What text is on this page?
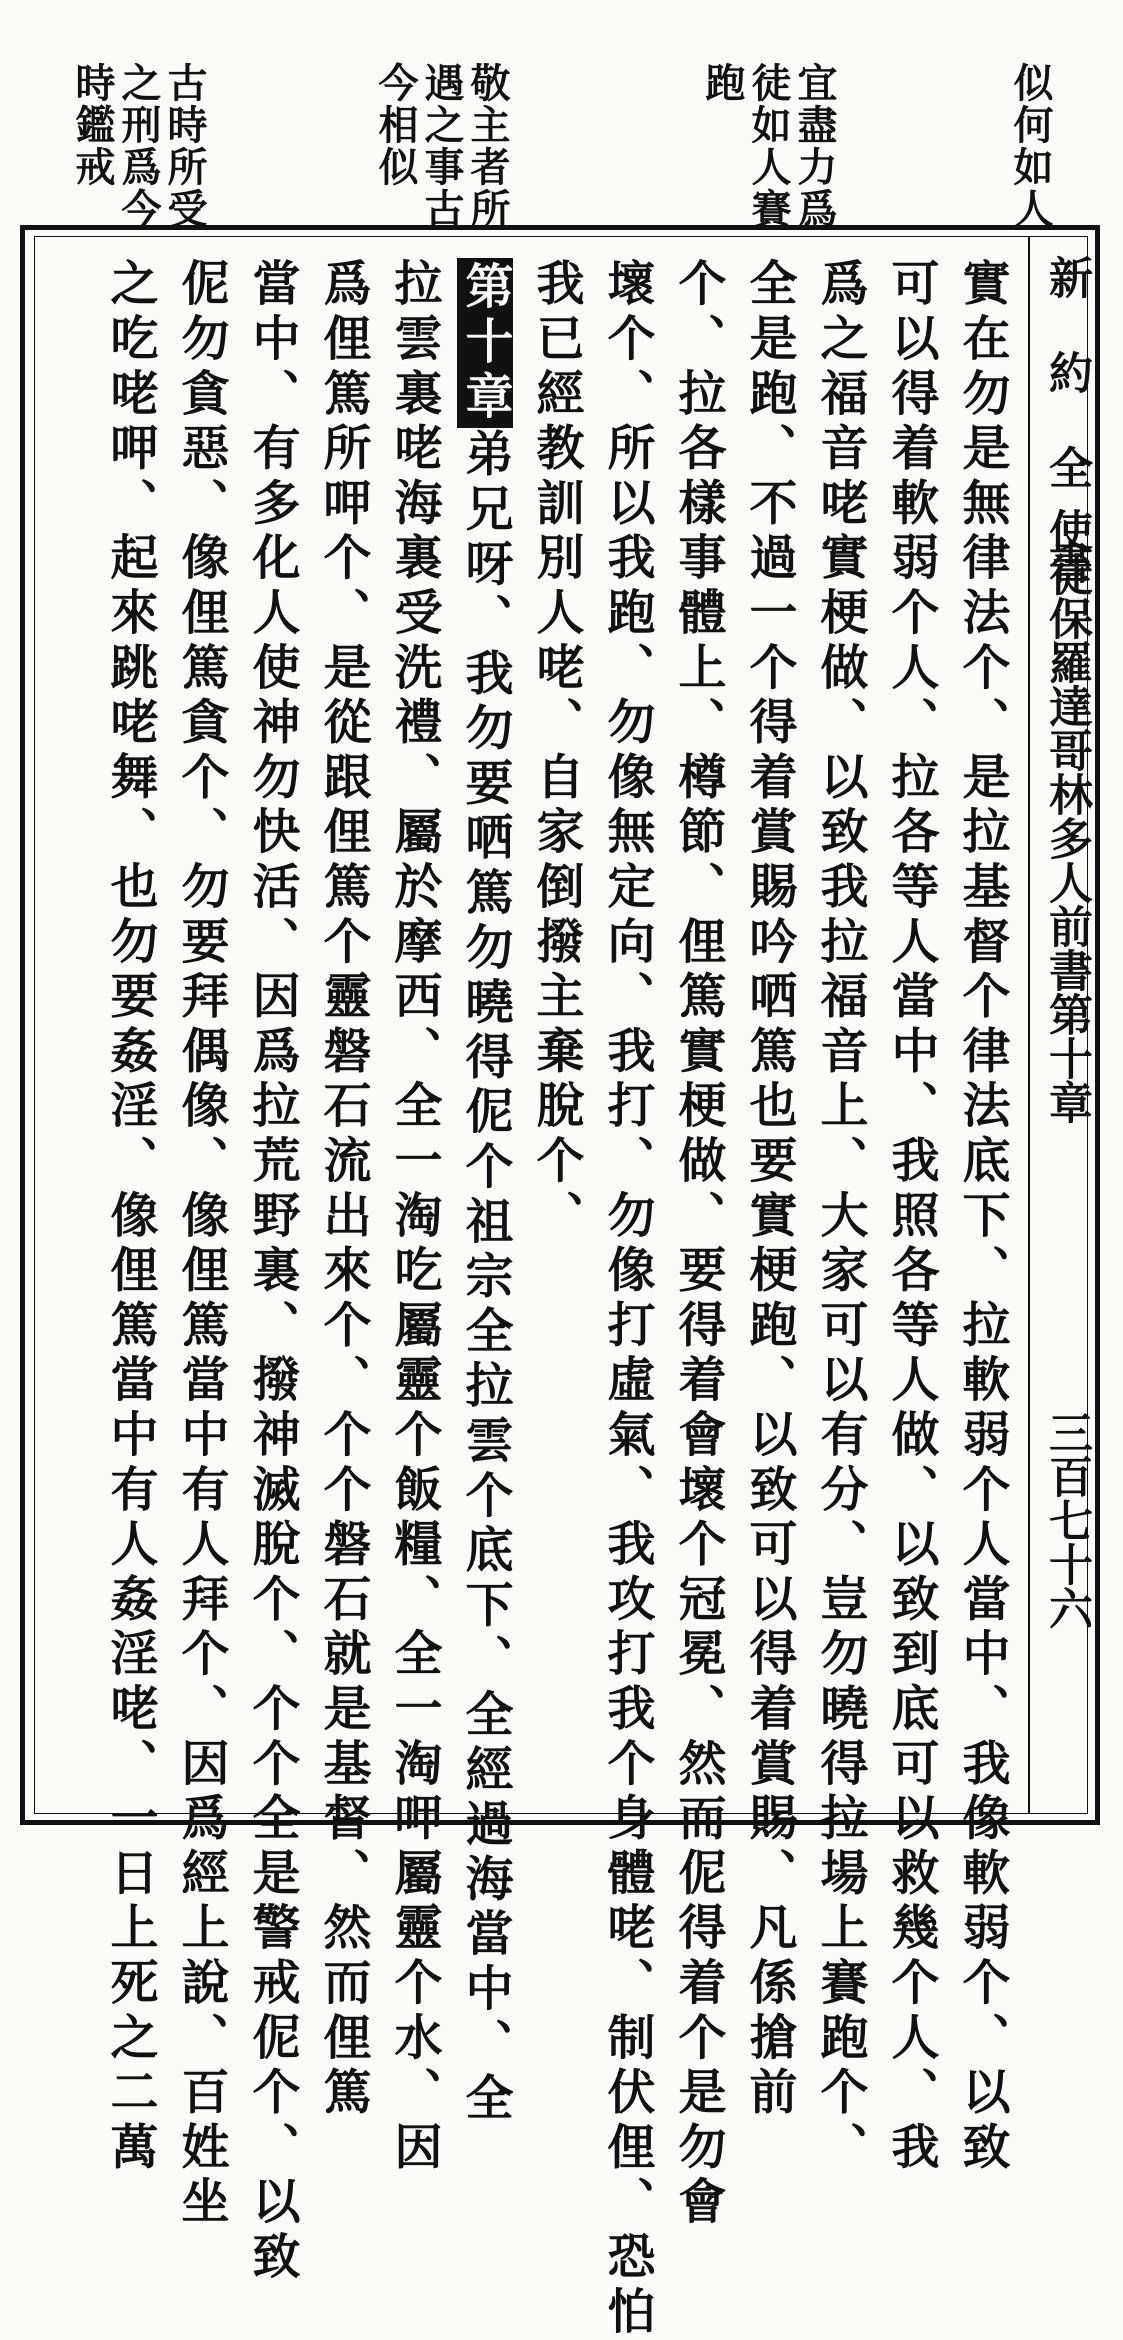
似何如人
宜盡力爲
徒如人賽
跑
敬主者所
遇之事古
今相似
古時所受
之刑爲今
時鑑戒
新 約 全 書
使徒保羅達哥林多人前書第十章
三百七十六
實在勿是無律法个、是拉基督个律法底下、拉軟弱个人當中、我像軟弱个、以致
可以得着軟弱个人、拉各等人當中、我照各等人做、以致到底可以救幾个人、我
爲之福音咾實梗做、以致我拉福音上、大家可以有分、豈勿曉得拉場上賽跑个、
全是跑、不過一个得着賞賜吟哂篤也要實梗跑、以致可以得着賞賜、凡係搶前
个、拉各樣事體上、樽節、俚篤實梗做、要得着會壞个冠冕、然而伲得着个是勿會
壞个、所以我跑、勿像無定向、我打、勿像打虛氣、我攻打我个身體咾、制伏俚、恐怕
我已經教訓別人咾、自家倒撥主棄脫个、
第十章弟兄呀、我勿要哂篤勿曉得伲个祖宗全拉雲个底下、全經過海當中、全
拉雲裏咾海裏受洗禮、屬於摩西、全一淘吃屬靈个飯糧、全一淘呷屬靈个水、因
爲俚篤所呷个、是從跟俚篤个靈磐石流出來个、个个磐石就是基督、然而俚篤
當中、有多化人使神勿快活、因爲拉荒野裏、撥神滅脫个、个个全是警戒伲个、以致
伲勿貪惡、像俚篤貪个、勿要拜偶像、像俚篤當中有人拜个、因爲經上說、百姓坐
之吃咾呷、起來跳咾舞、也勿要姦淫、像俚篤當中有人姦淫咾、一日上死之二萬
